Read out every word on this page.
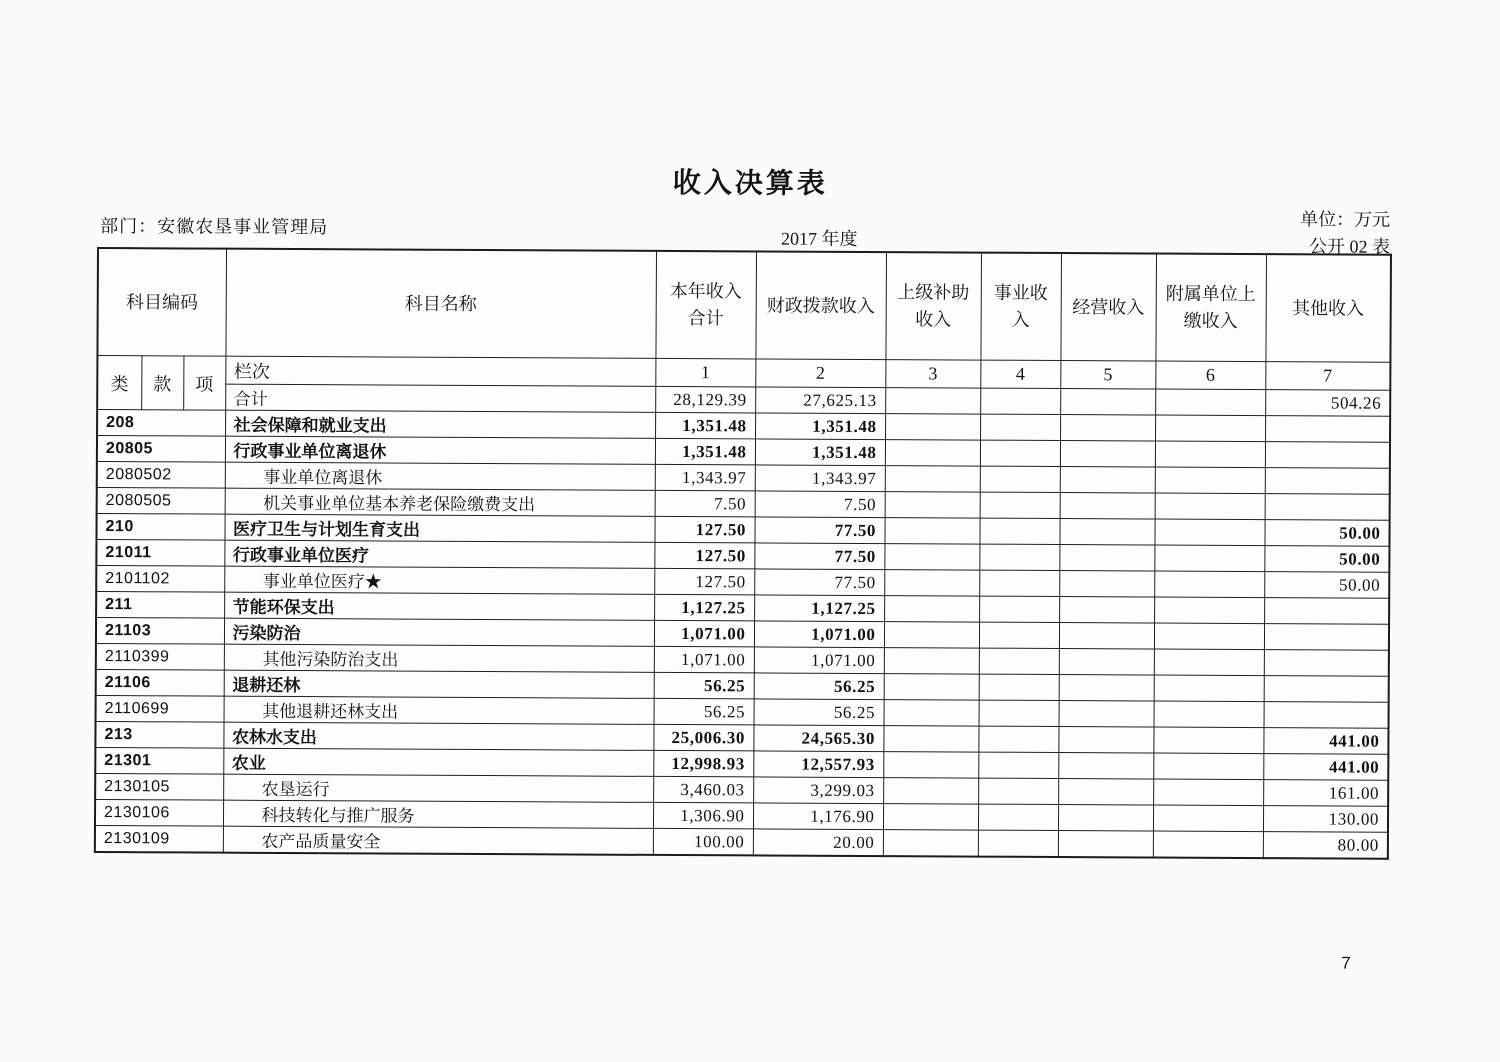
收入决算表
部门：安徽农垦事业管理局
2017 年度
单位：万元
公开 02 表
科目编码			科目名称	本年收入合计	财政拨款收入	上级补助收入	事业收入	经营收入	附属单位上缴收入	其他收入
类	款	项	栏次	1	2	3	4	5	6	7
			合计	28,129.39	27,625.13					504.26
208			社会保障和就业支出	1,351.48	1,351.48					
20805			行政事业单位离退休	1,351.48	1,351.48					
2080502			事业单位离退休	1,343.97	1,343.97					
2080505			机关事业单位基本养老保险缴费支出	7.50	7.50					
210			医疗卫生与计划生育支出	127.50	77.50					50.00
21011			行政事业单位医疗	127.50	77.50					50.00
2101102			事业单位医疗★	127.50	77.50					50.00
211			节能环保支出	1,127.25	1,127.25					
21103			污染防治	1,071.00	1,071.00					
2110399			其他污染防治支出	1,071.00	1,071.00					
21106			退耕还林	56.25	56.25					
2110699			其他退耕还林支出	56.25	56.25					
213			农林水支出	25,006.30	24,565.30					441.00
21301			农业	12,998.93	12,557.93					441.00
2130105			农垦运行	3,460.03	3,299.03					161.00
2130106			科技转化与推广服务	1,306.90	1,176.90					130.00
2130109			农产品质量安全	100.00	20.00					80.00
7
